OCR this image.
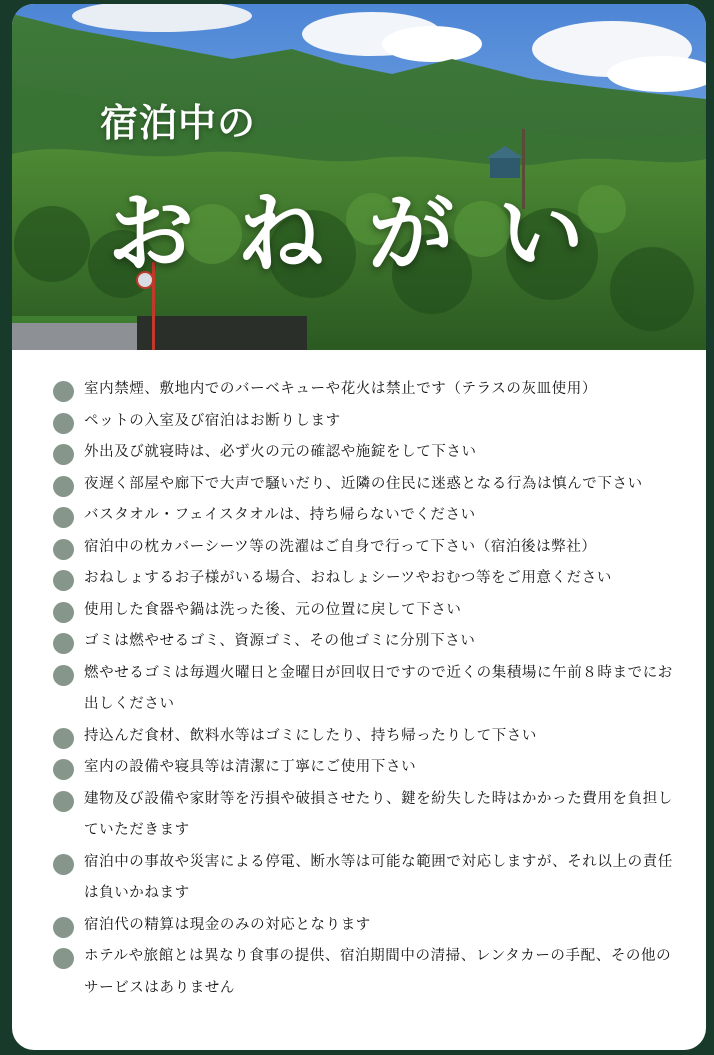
宿泊中の
おねがい
室内禁煙、敷地内でのバーベキューや花火は禁止です（テラスの灰皿使用）
ペットの入室及び宿泊はお断りします
外出及び就寝時は、必ず火の元の確認や施錠をして下さい
夜遅く部屋や廊下で大声で騒いだり、近隣の住民に迷惑となる行為は慎んで下さい
バスタオル・フェイスタオルは、持ち帰らないでください
宿泊中の枕カバーシーツ等の洗濯はご自身で行って下さい（宿泊後は弊社）
おねしょするお子様がいる場合、おねしょシーツやおむつ等をご用意ください
使用した食器や鍋は洗った後、元の位置に戻して下さい
ゴミは燃やせるゴミ、資源ゴミ、その他ゴミに分別下さい
燃やせるゴミは毎週火曜日と金曜日が回収日ですので近くの集積場に午前８時までにお出しください
持込んだ食材、飲料水等はゴミにしたり、持ち帰ったりして下さい
室内の設備や寝具等は清潔に丁寧にご使用下さい
建物及び設備や家財等を汚損や破損させたり、鍵を紛失した時はかかった費用を負担していただきます
宿泊中の事故や災害による停電、断水等は可能な範囲で対応しますが、それ以上の責任は負いかねます
宿泊代の精算は現金のみの対応となります
ホテルや旅館とは異なり食事の提供、宿泊期間中の清掃、レンタカーの手配、その他のサービスはありません
